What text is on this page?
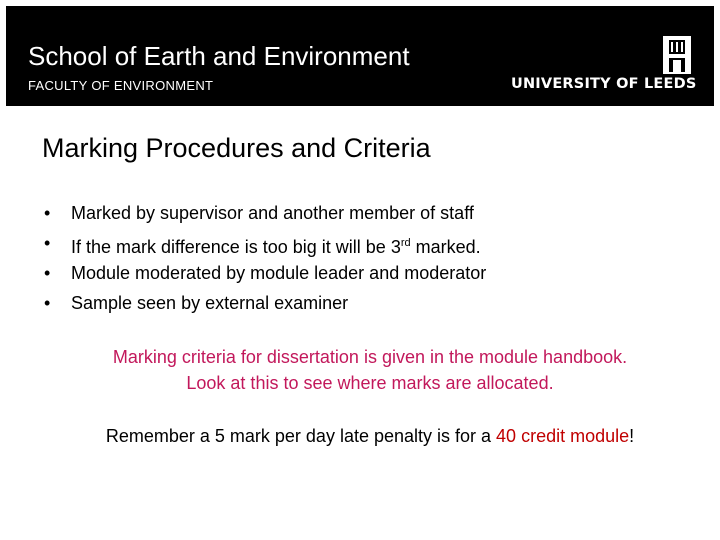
School of Earth and Environment
FACULTY OF ENVIRONMENT	UNIVERSITY OF LEEDS
Marking Procedures and Criteria
• Marked by supervisor and another member of staff
• If the mark difference is too big it will be 3rd marked.
• Module moderated by module leader and moderator
• Sample seen by external examiner
Marking criteria for dissertation is given in the module handbook.
Look at this to see where marks are allocated.
Remember a 5 mark per day late penalty is for a 40 credit module!
